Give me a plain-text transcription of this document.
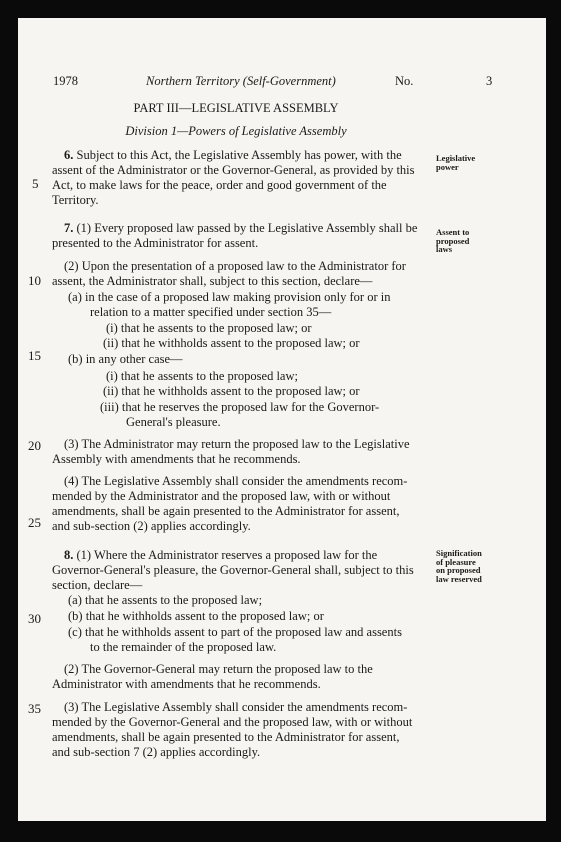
1978	Northern Territory (Self-Government)	No.	3
PART III—LEGISLATIVE ASSEMBLY
Division 1—Powers of Legislative Assembly
5
10
15
20
25
30
35
Legislative
power
Assent to
proposed
laws
Signification
of pleasure
on proposed
law reserved
6. Subject to this Act, the Legislative Assembly has power, with the
assent of the Administrator or the Governor-General, as provided by this
Act, to make laws for the peace, order and good government of the
Territory.
7. (1) Every proposed law passed by the Legislative Assembly shall be
presented to the Administrator for assent.
(2) Upon the presentation of a proposed law to the Administrator for
assent, the Administrator shall, subject to this section, declare—
(a) in the case of a proposed law making provision only for or in
relation to a matter specified under section 35—
(i) that he assents to the proposed law; or
(ii) that he withholds assent to the proposed law; or
(b) in any other case—
(i) that he assents to the proposed law;
(ii) that he withholds assent to the proposed law; or
(iii) that he reserves the proposed law for the Governor-
General's pleasure.
(3) The Administrator may return the proposed law to the Legislative
Assembly with amendments that he recommends.
(4) The Legislative Assembly shall consider the amendments recom-
mended by the Administrator and the proposed law, with or without
amendments, shall be again presented to the Administrator for assent,
and sub-section (2) applies accordingly.
8. (1) Where the Administrator reserves a proposed law for the
Governor-General's pleasure, the Governor-General shall, subject to this
section, declare—
(a) that he assents to the proposed law;
(b) that he withholds assent to the proposed law; or
(c) that he withholds assent to part of the proposed law and assents
to the remainder of the proposed law.
(2) The Governor-General may return the proposed law to the
Administrator with amendments that he recommends.
(3) The Legislative Assembly shall consider the amendments recom-
mended by the Governor-General and the proposed law, with or without
amendments, shall be again presented to the Administrator for assent,
and sub-section 7 (2) applies accordingly.
